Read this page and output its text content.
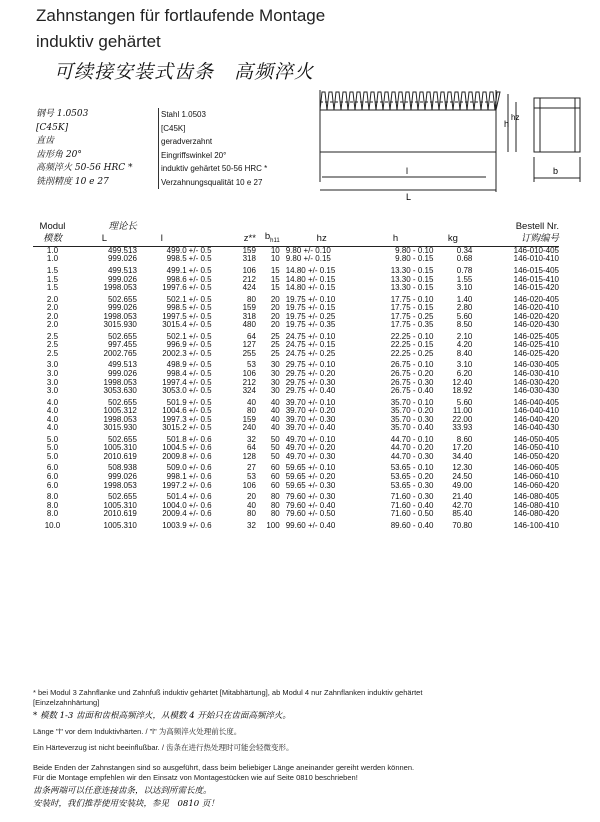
Zahnstangen für fortlaufende Montage
induktiv gehärtet
可续接安装式齿条　高频淬火
钢号 1.0503
[C45K]
直齿
齿形角 20°
高频淬火 50-56 HRC *
铣削精度 10 e 27
Stahl 1.0503
[C45K]
geradverzahnt
Eingriffswinkel 20°
induktiv gehärtet 50-56 HRC *
Verzahnungsqualität 10 e 27
h
hz
l
L
b
Modul	理论长								Bestell Nr.
模数	L	l		z**	$b_{h11}$	hz	h	kg	订购编号
1.0	499.513	499.0	+/- 0.5	159	10	9.80 +/- 0.10	9.80 - 0.10	0.34	146-010-405
1.0	999.026	998.5	+/- 0.5	318	10	9.80 +/- 0.15	9.80 - 0.15	0.68	146-010-410
1.5	499.513	499.1	+/- 0.5	106	15	14.80 +/- 0.15	13.30 - 0.15	0.78	146-015-405
1.5	999.026	998.6	+/- 0.5	212	15	14.80 +/- 0.15	13.30 - 0.15	1.55	146-015-410
1.5	1998.053	1997.6	+/- 0.5	424	15	14.80 +/- 0.15	13.30 - 0.15	3.10	146-015-420
2.0	502.655	502.1	+/- 0.5	80	20	19.75 +/- 0.10	17.75 - 0.10	1.40	146-020-405
2.0	999.026	998.5	+/- 0.5	159	20	19.75 +/- 0.15	17.75 - 0.15	2.80	146-020-410
2.0	1998.053	1997.5	+/- 0.5	318	20	19.75 +/- 0.25	17.75 - 0.25	5.60	146-020-420
2.0	3015.930	3015.4	+/- 0.5	480	20	19.75 +/- 0.35	17.75 - 0.35	8.50	146-020-430
2.5	502.655	502.1	+/- 0.5	64	25	24.75 +/- 0.10	22.25 - 0.10	2.10	146-025-405
2.5	997.455	996.9	+/- 0.5	127	25	24.75 +/- 0.15	22.25 - 0.15	4.20	146-025-410
2.5	2002.765	2002.3	+/- 0.5	255	25	24.75 +/- 0.25	22.25 - 0.25	8.40	146-025-420
3.0	499.513	498.9	+/- 0.5	53	30	29.75 +/- 0.10	26.75 - 0.10	3.10	146-030-405
3.0	999.026	998.4	+/- 0.5	106	30	29.75 +/- 0.20	26.75 - 0.20	6.20	146-030-410
3.0	1998.053	1997.4	+/- 0.5	212	30	29.75 +/- 0.30	26.75 - 0.30	12.40	146-030-420
3.0	3053.630	3053.0	+/- 0.5	324	30	29.75 +/- 0.40	26.75 - 0.40	18.92	146-030-430
4.0	502.655	501.9	+/- 0.5	40	40	39.70 +/- 0.10	35.70 - 0.10	5.60	146-040-405
4.0	1005.312	1004.6	+/- 0.5	80	40	39.70 +/- 0.20	35.70 - 0.20	11.00	146-040-410
4.0	1998.053	1997.3	+/- 0.5	159	40	39.70 +/- 0.30	35.70 - 0.30	22.00	146-040-420
4.0	3015.930	3015.2	+/- 0.5	240	40	39.70 +/- 0.40	35.70 - 0.40	33.93	146-040-430
5.0	502.655	501.8	+/- 0.6	32	50	49.70 +/- 0.10	44.70 - 0.10	8.60	146-050-405
5.0	1005.310	1004.5	+/- 0.6	64	50	49.70 +/- 0.20	44.70 - 0.20	17.20	146-050-410
5.0	2010.619	2009.8	+/- 0.6	128	50	49.70 +/- 0.30	44.70 - 0.30	34.40	146-050-420
6.0	508.938	509.0	+/- 0.6	27	60	59.65 +/- 0.10	53.65 - 0.10	12.30	146-060-405
6.0	999.026	998.1	+/- 0.6	53	60	59.65 +/- 0.20	53.65 - 0.20	24.50	146-060-410
6.0	1998.053	1997.2	+/- 0.6	106	60	59.65 +/- 0.30	53.65 - 0.30	49.00	146-060-420
8.0	502.655	501.4	+/- 0.6	20	80	79.60 +/- 0.30	71.60 - 0.30	21.40	146-080-405
8.0	1005.310	1004.0	+/- 0.6	40	80	79.60 +/- 0.40	71.60 - 0.40	42.70	146-080-410
8.0	2010.619	2009.4	+/- 0.6	80	80	79.60 +/- 0.50	71.60 - 0.50	85.40	146-080-420
10.0	1005.310	1003.9	+/- 0.6	32	100	99.60 +/- 0.40	89.60 - 0.40	70.80	146-100-410
* bei Modul 3 Zahnflanke und Zahnfuß induktiv gehärtet [Mitabhärtung], ab Modul 4 nur Zahnflanken induktiv gehärtet
[Einzelzahnhärtung]
* 模数 1-3 齿面和齿根高频淬火，从模数 4 开始只在齿面高频淬火。
Länge "l" vor dem Induktivhärten. / "l" 为高频淬火处理前长度。
Ein Härteverzug ist nicht beeinflußbar. / 齿条在进行热处理时可能会轻微变形。
Beide Enden der Zahnstangen sind so ausgeführt, dass beim beliebiger Länge aneinander gereiht werden können.
Für die Montage empfehlen wir den Einsatz von Montagestücken wie auf Seite 0810 beschrieben!
齿条两端可以任意连接齿条，以达到所需长度。
安装时，我们推荐使用安装块，参见　0810 页！
